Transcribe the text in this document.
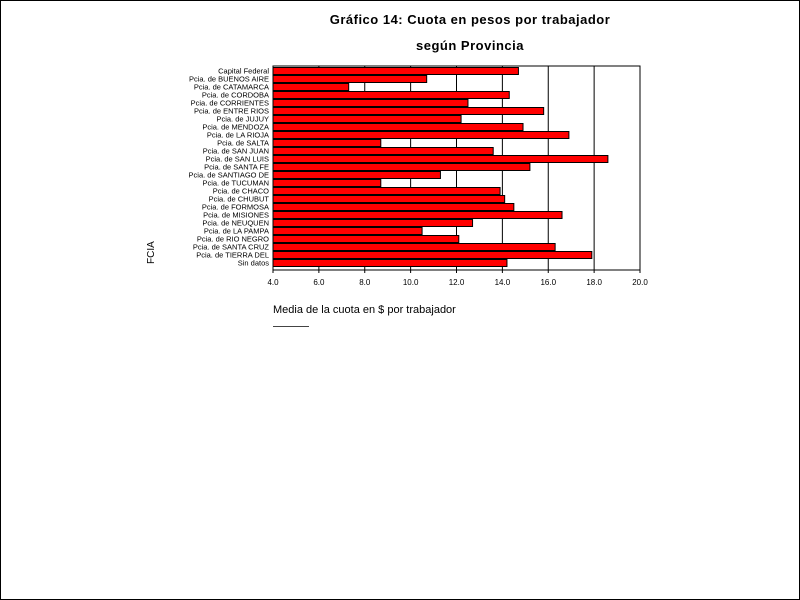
Gráfico 14: Cuota en pesos por trabajador
según Provincia
Capital Federal
Pcia. de BUENOS AIRE
Pcia. de CATAMARCA
Pcia. de CORDOBA
Pcia. de CORRIENTES
Pcia. de ENTRE RIOS
Pcia. de JUJUY
Pcia. de MENDOZA
Pcia. de LA RIOJA
Pcia. de SALTA
Pcia. de SAN JUAN
Pcia. de SAN LUIS
Pcia. de SANTA FE
Pcia. de SANTIAGO DE
Pcia. de TUCUMAN
Pcia. de CHACO
Pcia. de CHUBUT
Pcia. de FORMOSA
Pcia. de MISIONES
Pcia. de NEUQUEN
Pcia. de LA PAMPA
Pcia. de RIO NEGRO
Pcia. de SANTA CRUZ
Pcia. de TIERRA DEL
Sin datos
4.0	6.0	8.0	10.0	12.0	14.0	16.0	18.0	20.0
Media de la cuota en $ por trabajador
FCIA
